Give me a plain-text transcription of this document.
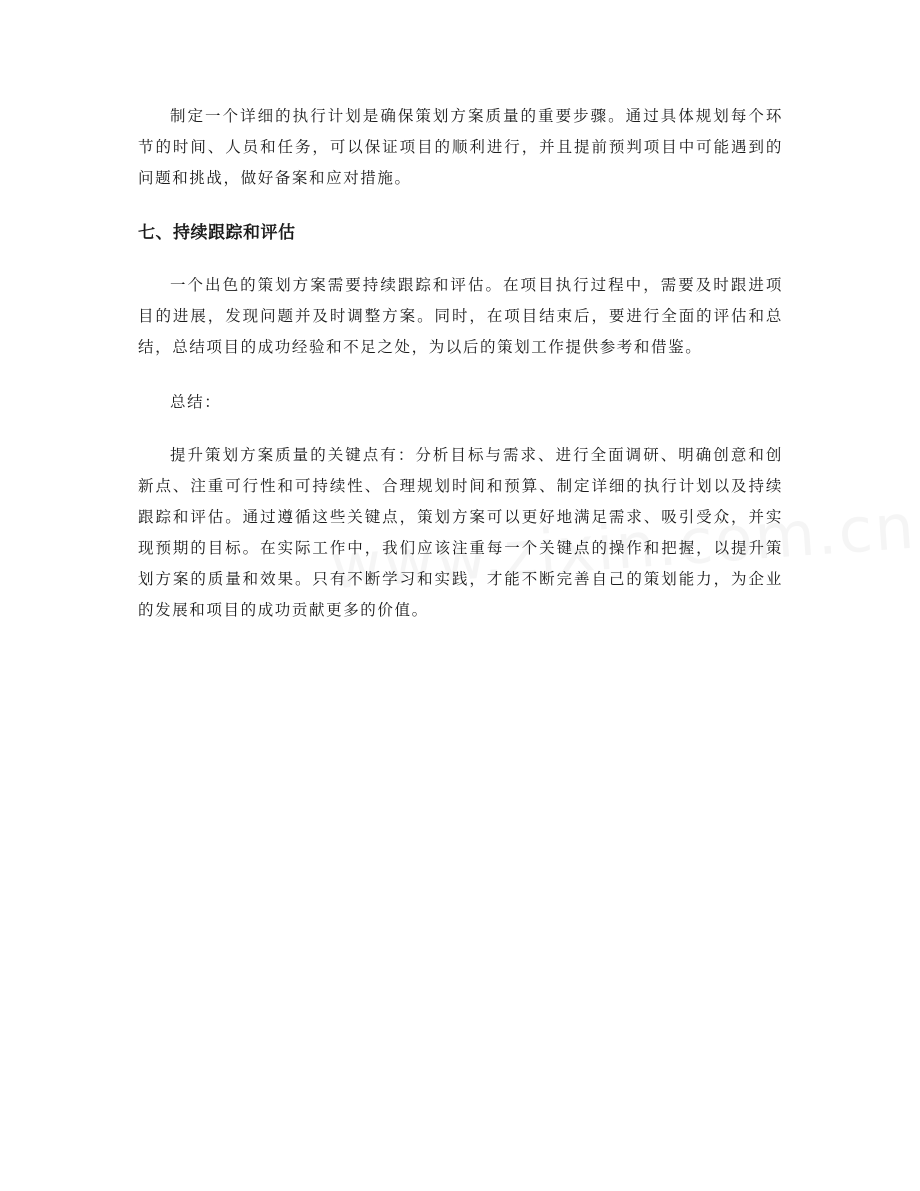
制定一个详细的执行计划是确保策划方案质量的重要步骤。通过具体规划每个环节的时间、人员和任务，可以保证项目的顺利进行，并且提前预判项目中可能遇到的问题和挑战，做好备案和应对措施。

七、持续跟踪和评估

一个出色的策划方案需要持续跟踪和评估。在项目执行过程中，需要及时跟进项目的进展，发现问题并及时调整方案。同时，在项目结束后，要进行全面的评估和总结，总结项目的成功经验和不足之处，为以后的策划工作提供参考和借鉴。

总结：

提升策划方案质量的关键点有：分析目标与需求、进行全面调研、明确创意和创新点、注重可行性和可持续性、合理规划时间和预算、制定详细的执行计划以及持续跟踪和评估。通过遵循这些关键点，策划方案可以更好地满足需求、吸引受众，并实现预期的目标。在实际工作中，我们应该注重每一个关键点的操作和把握，以提升策划方案的质量和效果。只有不断学习和实践，才能不断完善自己的策划能力，为企业的发展和项目的成功贡献更多的价值。
